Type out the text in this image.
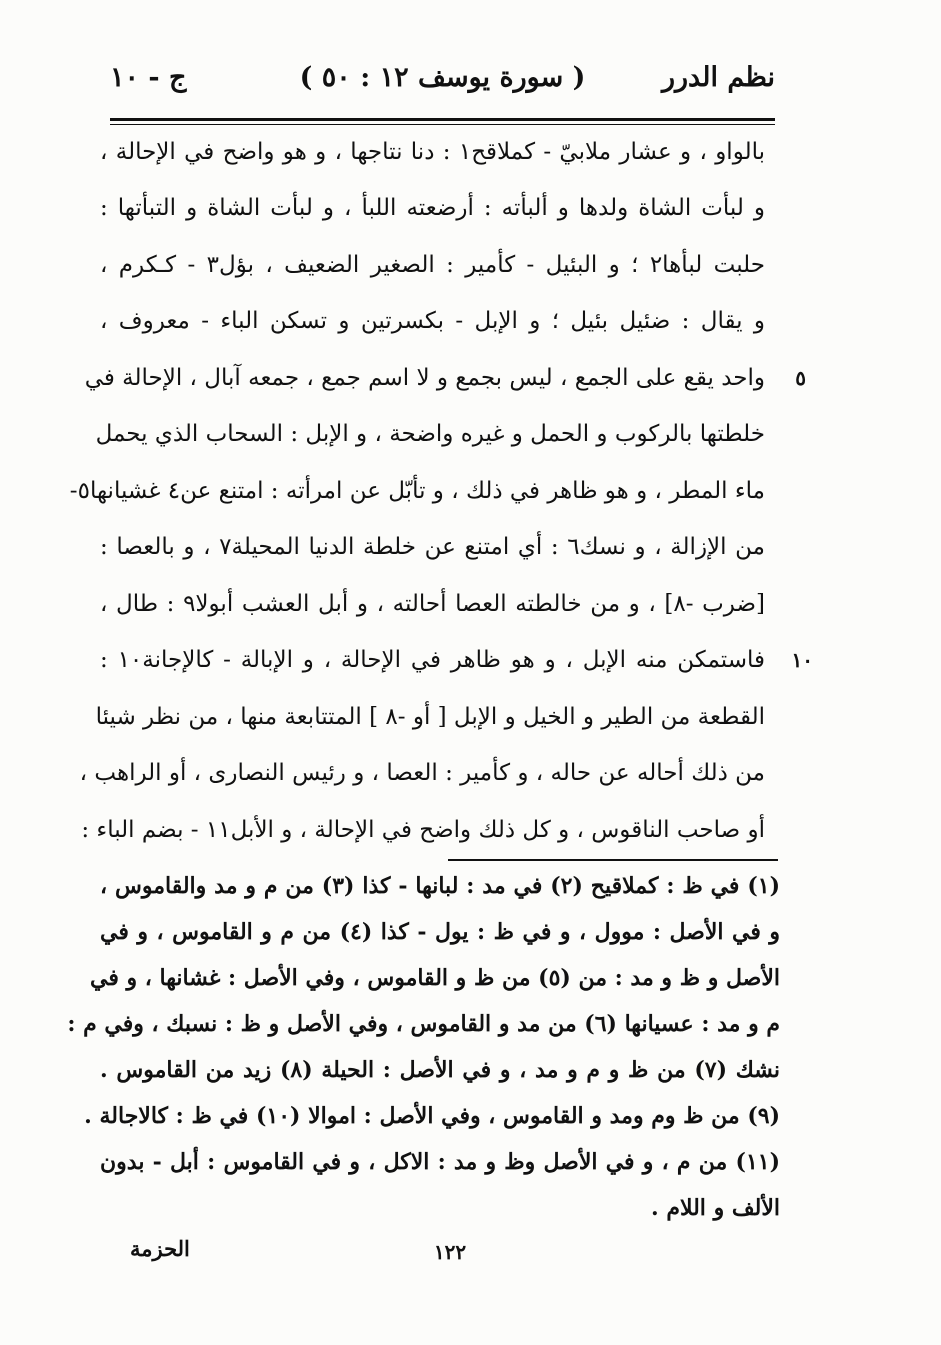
نظم الدرر
( سورة يوسف ١٢ : ٥٠ )
ج - ١٠
بالواو ، و عشار ملابيّ - كملاقح١ : دنا نتاجها ، و هو واضح في الإحالة ،
و لبأت الشاة ولدها و ألبأته : أرضعته اللبأ ، و لبأت الشاة و التبأتها :
حلبت لبأها٢ ؛ و البئيل - كأمير : الصغير الضعيف ، بؤل٣ - كـكرم ،
و يقال : ضئيل بئيل ؛ و الإبل - بكسرتين و تسكن الباء - معروف ،
واحد يقع على الجمع ، ليس بجمع و لا اسم جمع ، جمعه آبال ، الإحالة في
خلطتها بالركوب و الحمل و غيره واضحة ، و الإبل : السحاب الذي يحمل
ماء المطر ، و هو ظاهر في ذلك ، و تأبّل عن امرأته : امتنع عن٤ غشيانها٥-
من الإزالة ، و نسك٦ : أي امتنع عن خلطة الدنيا المحيلة٧ ، و بالعصا :
[ضرب -٨] ، و من خالطته العصا أحالته ، و أبل العشب أبولا٩ : طال ،
فاستمكن منه الإبل ، و هو ظاهر في الإحالة ، و الإبالة - كالإجانة١٠ :
القطعة من الطير و الخيل و الإبل [ أو -٨ ] المتتابعة منها ، من نظر شيئا
من ذلك أحاله عن حاله ، و كأمير : العصا ، و رئيس النصارى ، أو الراهب ،
أو صاحب الناقوس ، و كل ذلك واضح في الإحالة ، و الأبل١١ - بضم الباء :
٥
١٠
(١) في ظ : كملاقيح (٢) في مد : لبانها - كذا (٣) من م و مد والقاموس ،
و في الأصل : موول ، و في ظ : يول - كذا (٤) من م و القاموس ، و في
الأصل و ظ و مد : من (٥) من ظ و القاموس ، وفي الأصل : غشانها ، و في
م و مد : عسيانها (٦) من مد و القاموس ، وفي الأصل و ظ : نسبك ، وفي م :
نشك (٧) من ظ و م و مد ، و في الأصل : الحيلة (٨) زيد من القاموس .
(٩) من ظ وم ومد و القاموس ، وفي الأصل : اموالا (١٠) في ظ : كالاجالة .
(١١) من م ، و في الأصل وظ و مد : الاكل ، و في القاموس : أبل - بدون
الألف و اللام .
١٢٢
الحزمة
